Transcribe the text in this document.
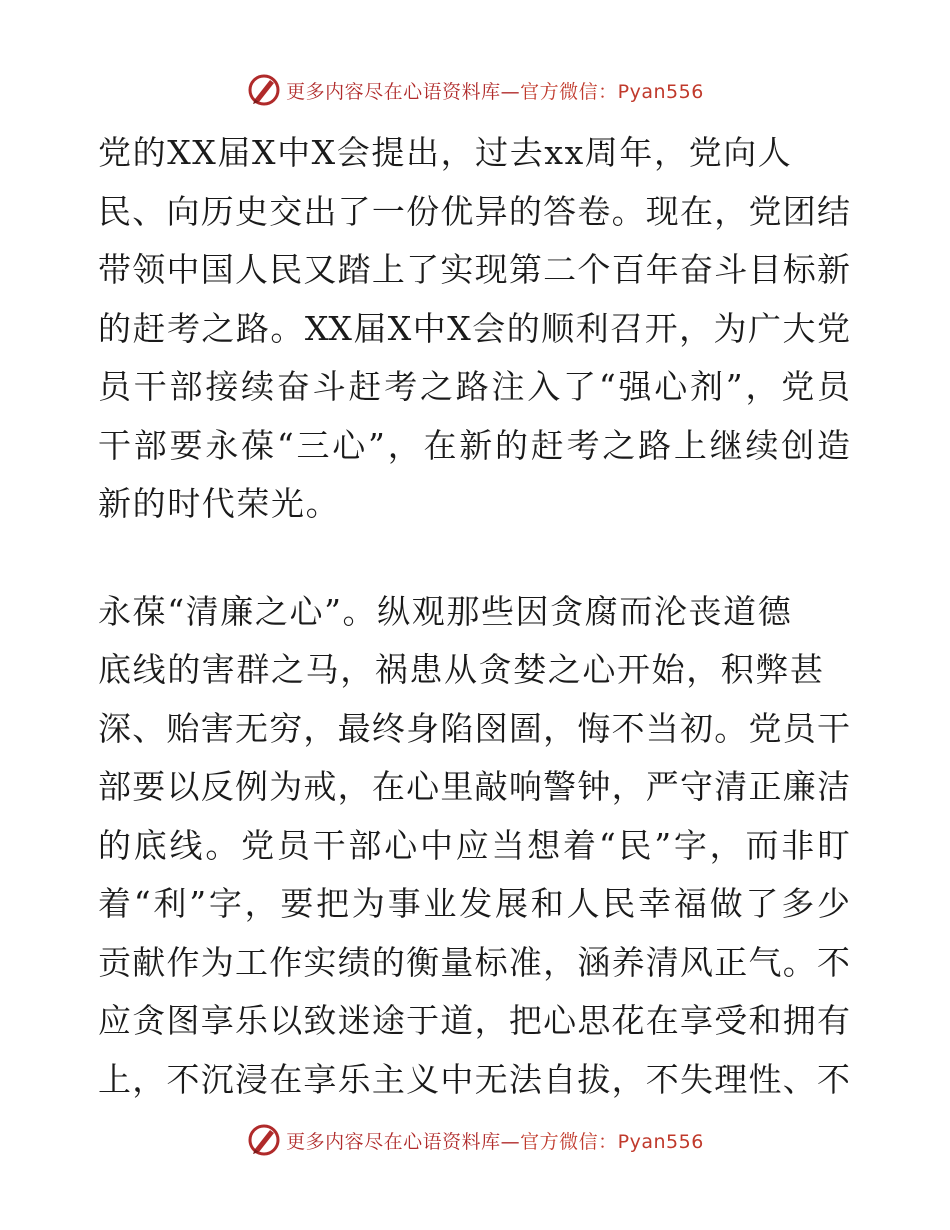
更多内容尽在心语资料库—官方微信：Pyan556
党的XX届X中X会提出，过去xx周年，党向人
民、向历史交出了一份优异的答卷。现在，党团结
带领中国人民又踏上了实现第二个百年奋斗目标新
的赶考之路。XX届X中X会的顺利召开，为广大党
员干部接续奋斗赶考之路注入了“强心剂”，党员
干部要永葆“三心”，在新的赶考之路上继续创造
新的时代荣光。
永葆“清廉之心”。纵观那些因贪腐而沦丧道德
底线的害群之马，祸患从贪婪之心开始，积弊甚
深、贻害无穷，最终身陷囹圄，悔不当初。党员干
部要以反例为戒，在心里敲响警钟，严守清正廉洁
的底线。党员干部心中应当想着“民”字，而非盯
着“利”字，要把为事业发展和人民幸福做了多少
贡献作为工作实绩的衡量标准，涵养清风正气。不
应贪图享乐以致迷途于道，把心思花在享受和拥有
上，不沉浸在享乐主义中无法自拔，不失理性、不
更多内容尽在心语资料库—官方微信：Pyan556
